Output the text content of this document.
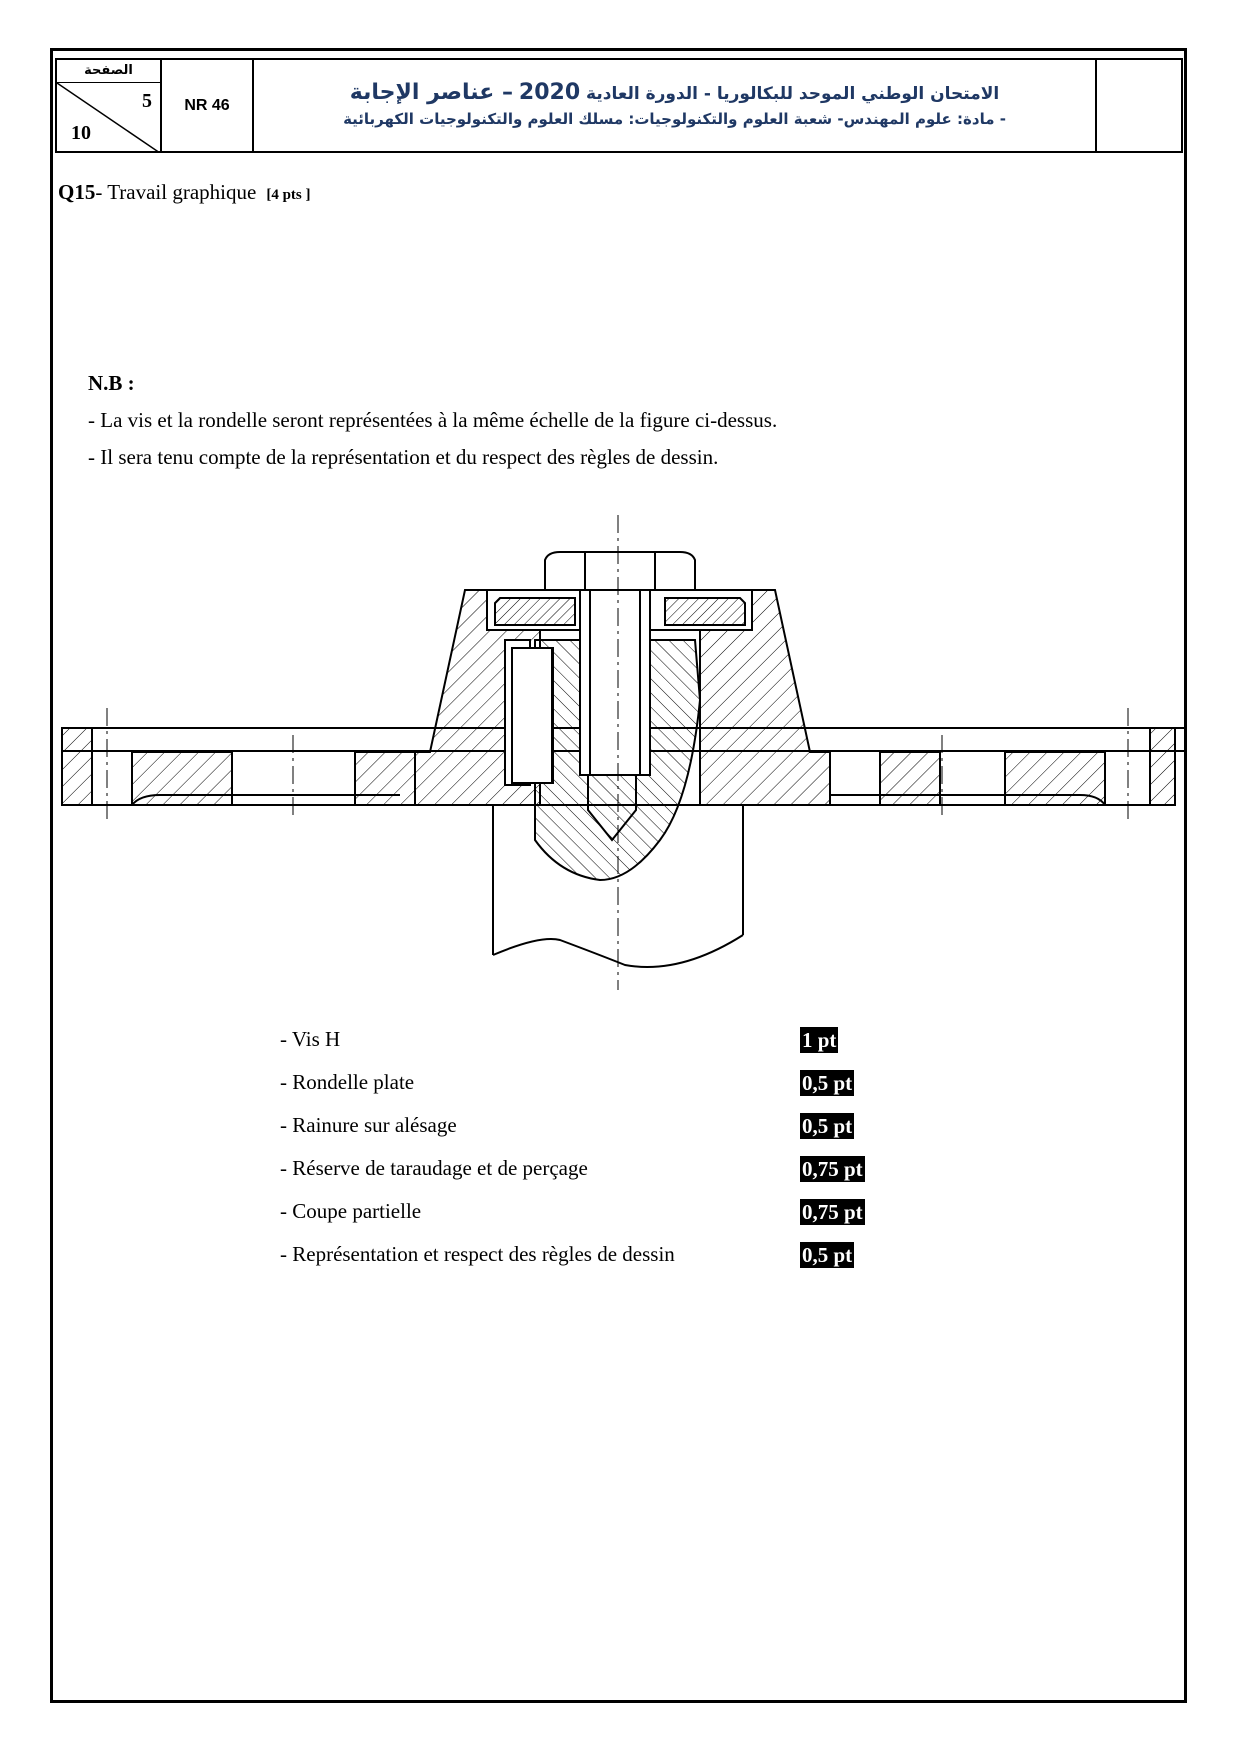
الصفحة
5
10
NR 46
الامتحان الوطني الموحد للبكالوريا - الدورة العادية 2020 – عناصر الإجابة
- مادة: علوم المهندس- شعبة العلوم والتكنولوجيات: مسلك العلوم والتكنولوجيات الكهربائية
Q15- Travail graphique [4 pts ]
N.B :
- La vis et la rondelle seront représentées à la même échelle de la figure ci-dessus.
- Il sera tenu compte de la représentation et du respect des règles de dessin.
- Vis H	1 pt
- Rondelle plate	0,5 pt
- Rainure sur alésage	0,5 pt
- Réserve de taraudage et de perçage	0,75 pt
- Coupe partielle	0,75 pt
- Représentation et respect des règles de dessin	0,5 pt
